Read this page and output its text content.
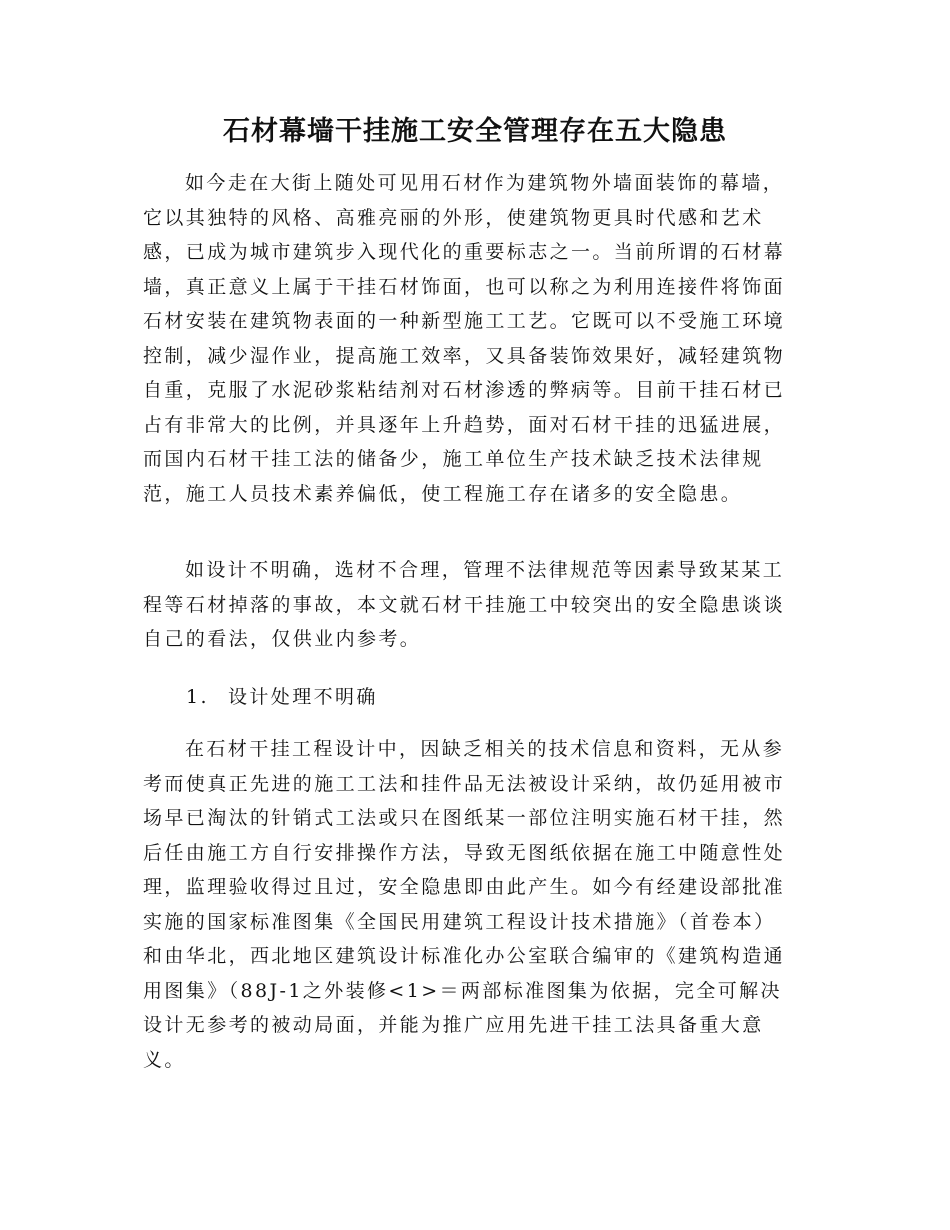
石材幕墙干挂施工安全管理存在五大隐患

如今走在大街上随处可见用石材作为建筑物外墙面装饰的幕墙，
它以其独特的风格、高雅亮丽的外形，使建筑物更具时代感和艺术
感，已成为城市建筑步入现代化的重要标志之一。当前所谓的石材幕
墙，真正意义上属于干挂石材饰面，也可以称之为利用连接件将饰面
石材安装在建筑物表面的一种新型施工工艺。它既可以不受施工环境
控制，减少湿作业，提高施工效率，又具备装饰效果好，减轻建筑物
自重，克服了水泥砂浆粘结剂对石材渗透的弊病等。目前干挂石材已
占有非常大的比例，并具逐年上升趋势，面对石材干挂的迅猛进展，
而国内石材干挂工法的储备少，施工单位生产技术缺乏技术法律规
范，施工人员技术素养偏低，使工程施工存在诸多的安全隐患。

如设计不明确，选材不合理，管理不法律规范等因素导致某某工
程等石材掉落的事故，本文就石材干挂施工中较突出的安全隐患谈谈
自己的看法，仅供业内参考。

1. 设计处理不明确

在石材干挂工程设计中，因缺乏相关的技术信息和资料，无从参
考而使真正先进的施工工法和挂件品无法被设计采纳，故仍延用被市
场早已淘汰的针销式工法或只在图纸某一部位注明实施石材干挂，然
后任由施工方自行安排操作方法，导致无图纸依据在施工中随意性处
理，监理验收得过且过，安全隐患即由此产生。如今有经建设部批准
实施的国家标准图集《全国民用建筑工程设计技术措施》（首卷本）
和由华北，西北地区建筑设计标准化办公室联合编审的《建筑构造通
用图集》（88J-1之外装修<1>＝两部标准图集为依据，完全可解决
设计无参考的被动局面，并能为推广应用先进干挂工法具备重大意
义。
